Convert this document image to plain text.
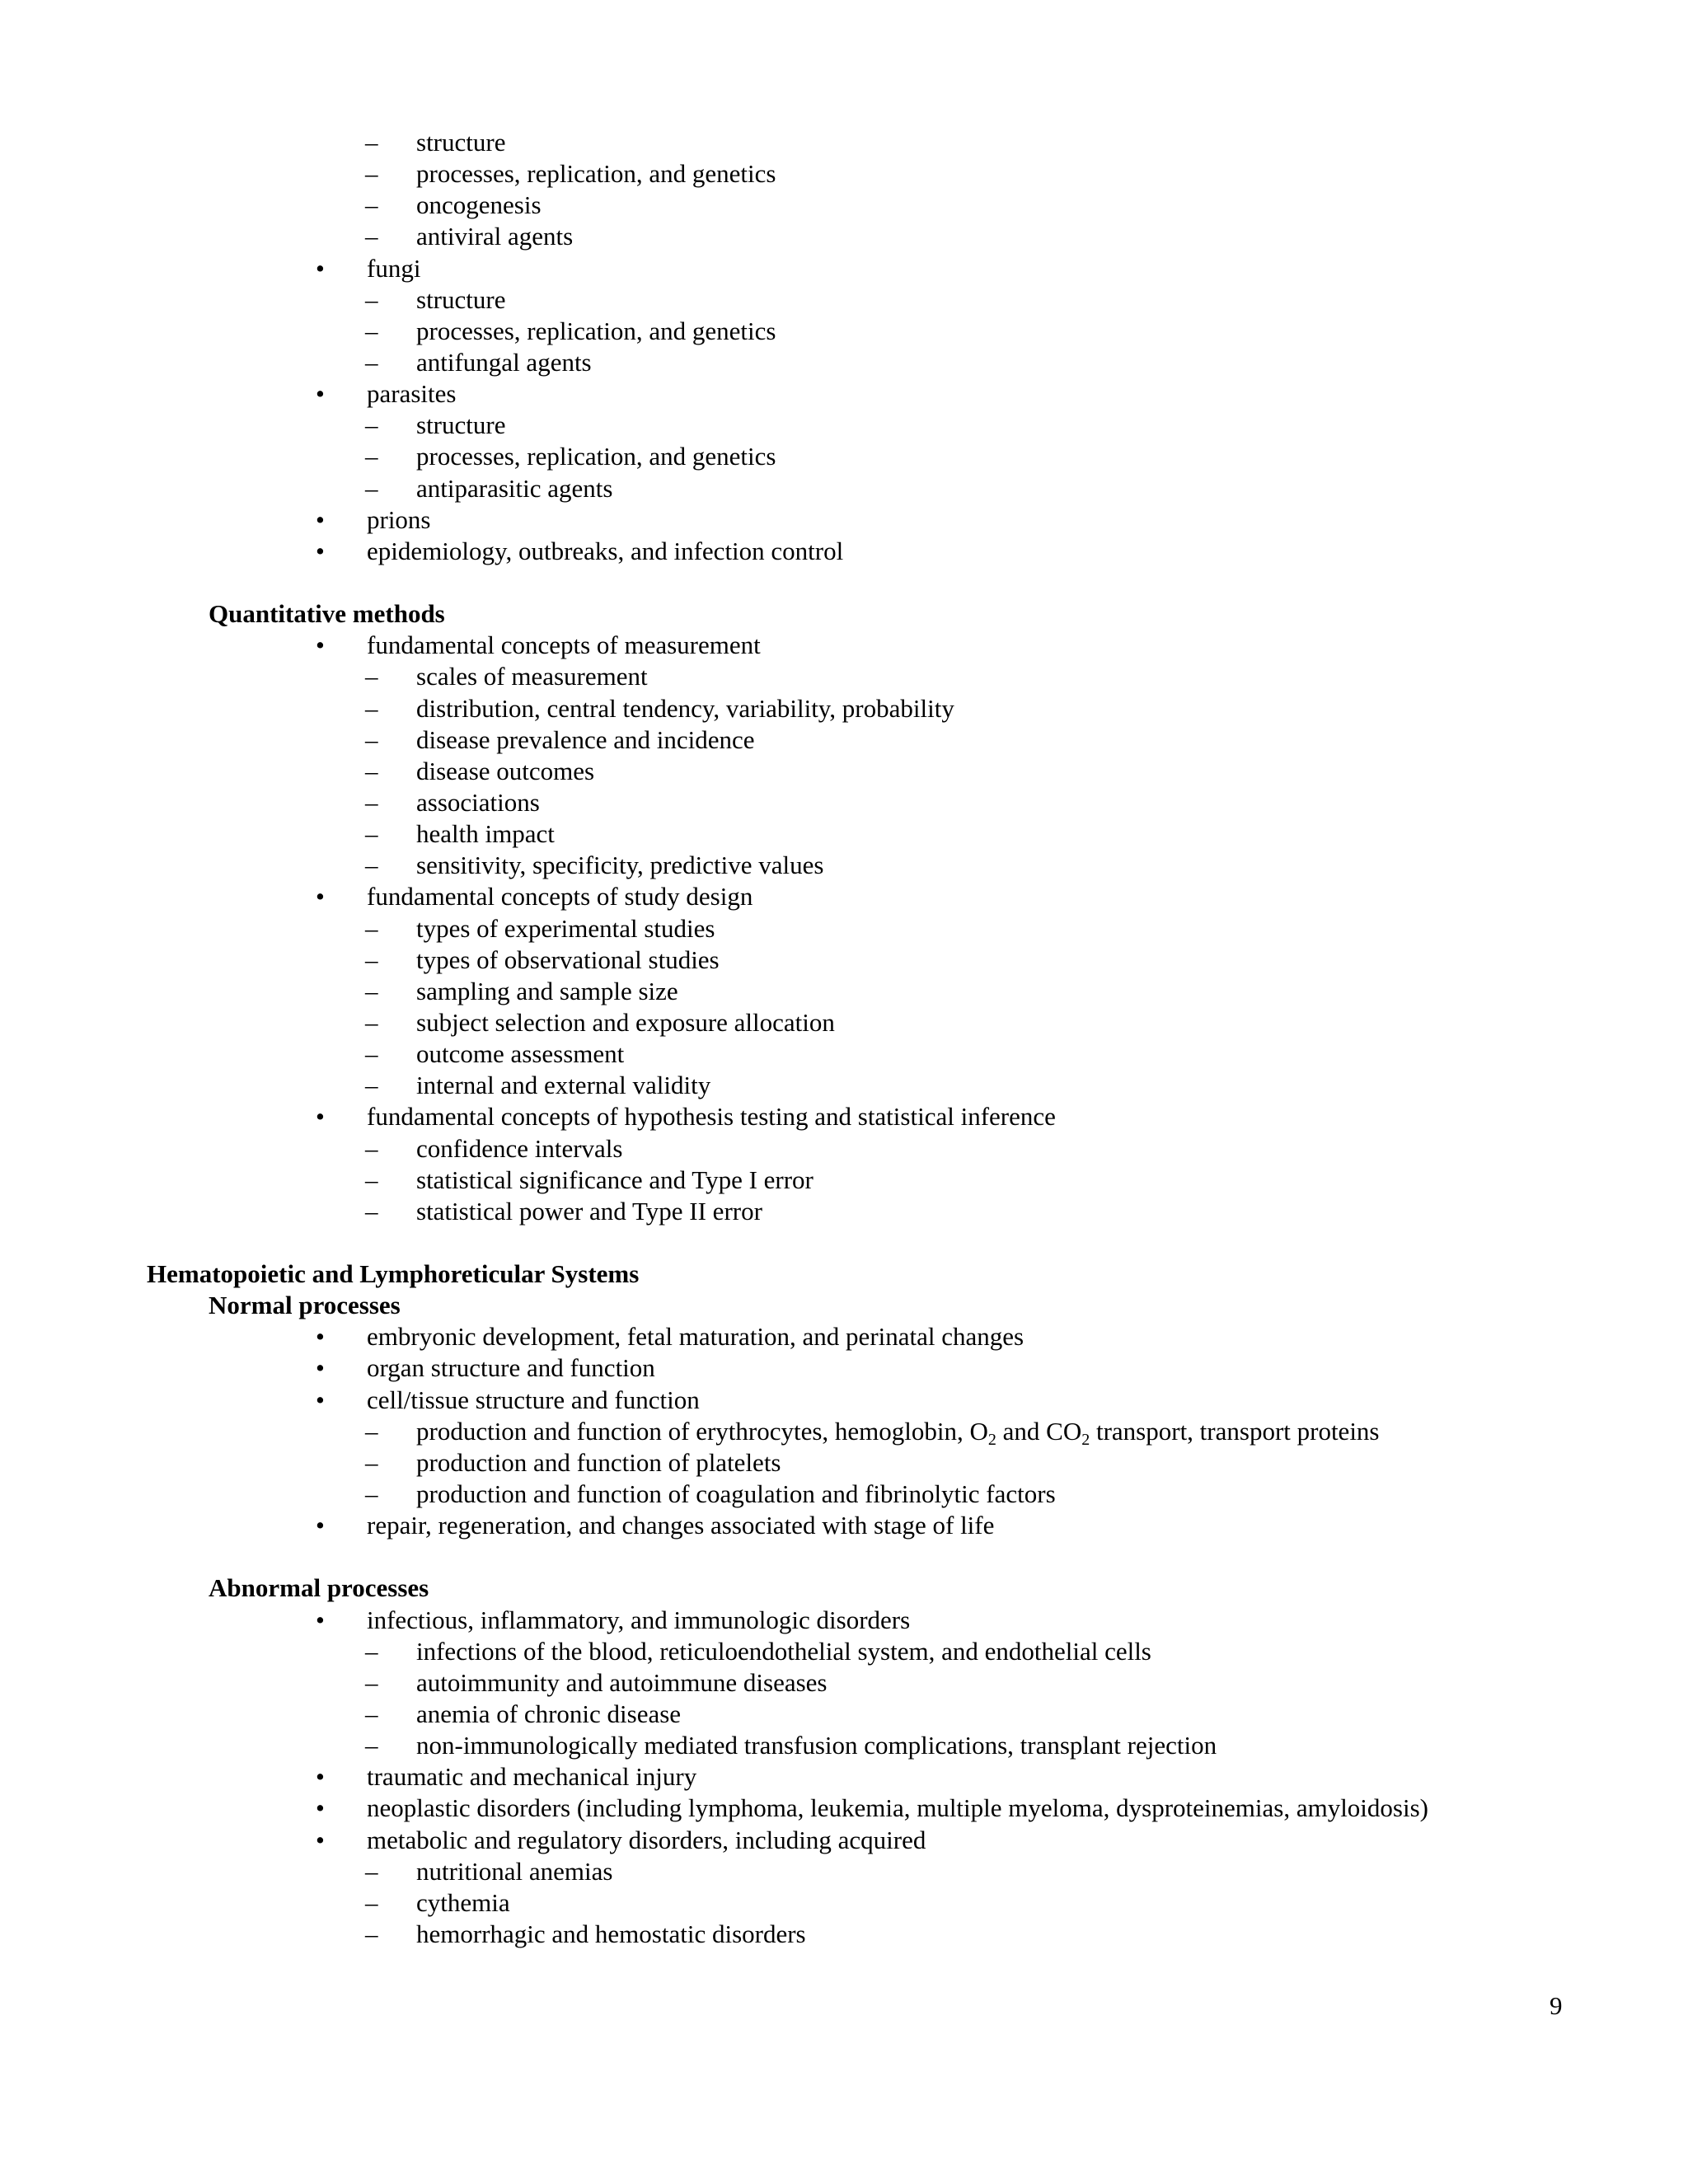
– structure
– processes, replication, and genetics
– oncogenesis
– antiviral agents
• fungi
– structure
– processes, replication, and genetics
– antifungal agents
• parasites
– structure
– processes, replication, and genetics
– antiparasitic agents
• prions
• epidemiology, outbreaks, and infection control
Quantitative methods
• fundamental concepts of measurement
– scales of measurement
– distribution, central tendency, variability, probability
– disease prevalence and incidence
– disease outcomes
– associations
– health impact
– sensitivity, specificity, predictive values
• fundamental concepts of study design
– types of experimental studies
– types of observational studies
– sampling and sample size
– subject selection and exposure allocation
– outcome assessment
– internal and external validity
• fundamental concepts of hypothesis testing and statistical inference
– confidence intervals
– statistical significance and Type I error
– statistical power and Type II error
Hematopoietic and Lymphoreticular Systems
Normal processes
• embryonic development, fetal maturation, and perinatal changes
• organ structure and function
• cell/tissue structure and function
– production and function of erythrocytes, hemoglobin, $O_2$ and $CO_2$ transport, transport proteins
– production and function of platelets
– production and function of coagulation and fibrinolytic factors
• repair, regeneration, and changes associated with stage of life
Abnormal processes
• infectious, inflammatory, and immunologic disorders
– infections of the blood, reticuloendothelial system, and endothelial cells
– autoimmunity and autoimmune diseases
– anemia of chronic disease
– non-immunologically mediated transfusion complications, transplant rejection
• traumatic and mechanical injury
• neoplastic disorders (including lymphoma, leukemia, multiple myeloma, dysproteinemias, amyloidosis)
• metabolic and regulatory disorders, including acquired
– nutritional anemias
– cythemia
– hemorrhagic and hemostatic disorders
9
